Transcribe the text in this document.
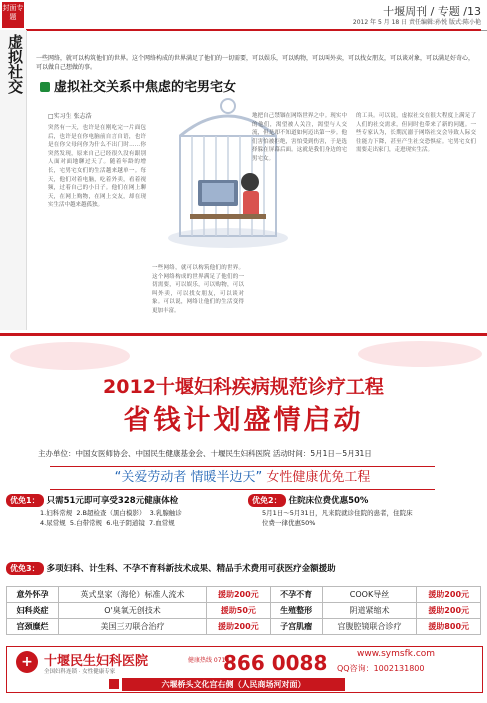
封面专题	十堰周刊 / 专题 /13
2012 年 5 月 18 日 责任编辑:孙悦 版式:陈小艳
虚拟社交 一些网络，就可以构筑他们的世界。这个网络构成的世界满足了他们的一切需要，可以娱乐，可以购物，可以叫外卖，可以找女朋友，可以谈对象，可以满足好奇心，可以做自己想做的事。
虚拟社交关系中焦虑的宅男宅女
□实习生 张志浩
突然有一天，也许是在刚吃完一片面包后，也许是在你电脑前自言自语，也许是在你父母问你为什么不出门时……你突然发现，原来自己已经很久没有跟别人面对面地聊过天了。随着年龄的增长，宅男宅女们的生活越来越单一。每天，他们对着电脑，吃着外卖，看着视频，过着自己的小日子。他们在网上聊天，在网上购物，在网上交友，却在现实生活中越来越孤独。
一些网络，就可以构筑他们的世界。这个网络构成的世界满足了他们的一切需要，可以娱乐，可以购物，可以叫外卖，可以找女朋友，可以谈对象。可以说，网络让他们的生活变得更加丰富。
地把自己禁锢在网络世界之中。现实中的他们，渴望被人关注，渴望与人交流，但是却不知道如何迈出第一步。他们害怕被拒绝，害怕受到伤害，于是选择躲在屏幕后面。这就是我们身边的宅男宅女。
的工具。可以说，虚拟社交在很大程度上满足了人们的社交需求，但同时也带来了新的问题。一些专家认为，长期沉溺于网络社交会导致人际交往能力下降，甚至产生社交恐惧症。宅男宅女们需要走出家门，走进现实生活。
2012十堰妇科疾病规范诊疗工程
省钱计划盛情启动
主办单位：中国女医师协会、中国民生健康基金会、十堰民生妇科医院 活动时间：5月1日－5月31日
“关爱劳动者 情暖半边天” 女性健康优免工程
优免1： 只需51元即可享受328元健康体检
1.妇科常规 2.B超检查（黑白模影） 3.乳腺触诊
4.尿常规 5.白带常规 6.电子阴道镜 7.血常规
优免2： 住院床位费优惠50%
5月1日～5月31日，凡来院就诊住院的患者，住院床
位费一律优惠50%
优免3： 多项妇科、计生科、不孕不育科新技术成果、精品手术费用可获医疗金额援助
意外怀孕	英式皇家（海伦）标准人流术	援助200元	不孕不育	COOK导丝	援助200元
妇科炎症	O'臭氧无创技术	援助50元	生殖整形	阴道紧缩术	援助200元
宫颈糜烂	美国三刃联合治疗	援助200元	子宫肌瘤	宫腹腔镜联合诊疗	援助800元
+ 十堰民生妇科医院
全国妇科连锁 · 女性健康专家
健康热线 0719-
866 0088	www.symsfk.com
QQ咨询：1002131800
六堰桥头文化宫右侧（人民商场河对面）
